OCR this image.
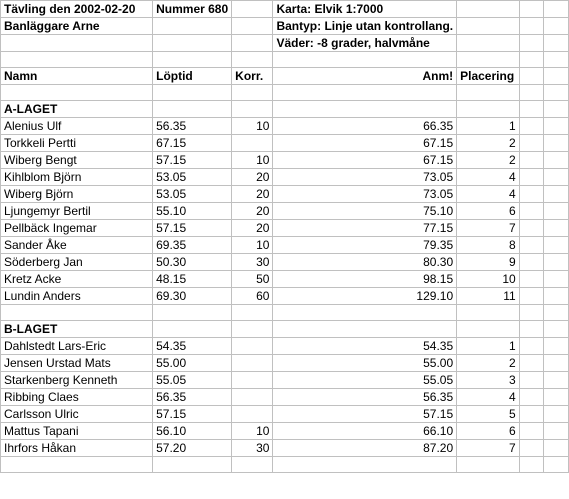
Tävling den 2002-02-20	Nummer 680		Karta: Elvik 1:7000			
Banläggare Arne			Bantyp: Linje utan kontrollang.			
			Väder: -8 grader, halvmåne			

Namn	Löptid	Korr.	Anm!	Placering		

A-LAGET						
Alenius Ulf	56.35	10	66.35	1		
Torkkeli Pertti	67.15		67.15	2		
Wiberg Bengt	57.15	10	67.15	2		
Kihlblom Björn	53.05	20	73.05	4		
Wiberg Björn	53.05	20	73.05	4		
Ljungemyr Bertil	55.10	20	75.10	6		
Pellbäck Ingemar	57.15	20	77.15	7		
Sander Åke	69.35	10	79.35	8		
Söderberg Jan	50.30	30	80.30	9		
Kretz Acke	48.15	50	98.15	10		
Lundin Anders	69.30	60	129.10	11		

B-LAGET						
Dahlstedt Lars-Eric	54.35		54.35	1		
Jensen Urstad Mats	55.00		55.00	2		
Starkenberg Kenneth	55.05		55.05	3		
Ribbing Claes	56.35		56.35	4		
Carlsson Ulric	57.15		57.15	5		
Mattus Tapani	56.10	10	66.10	6		
Ihrfors Håkan	57.20	30	87.20	7		
